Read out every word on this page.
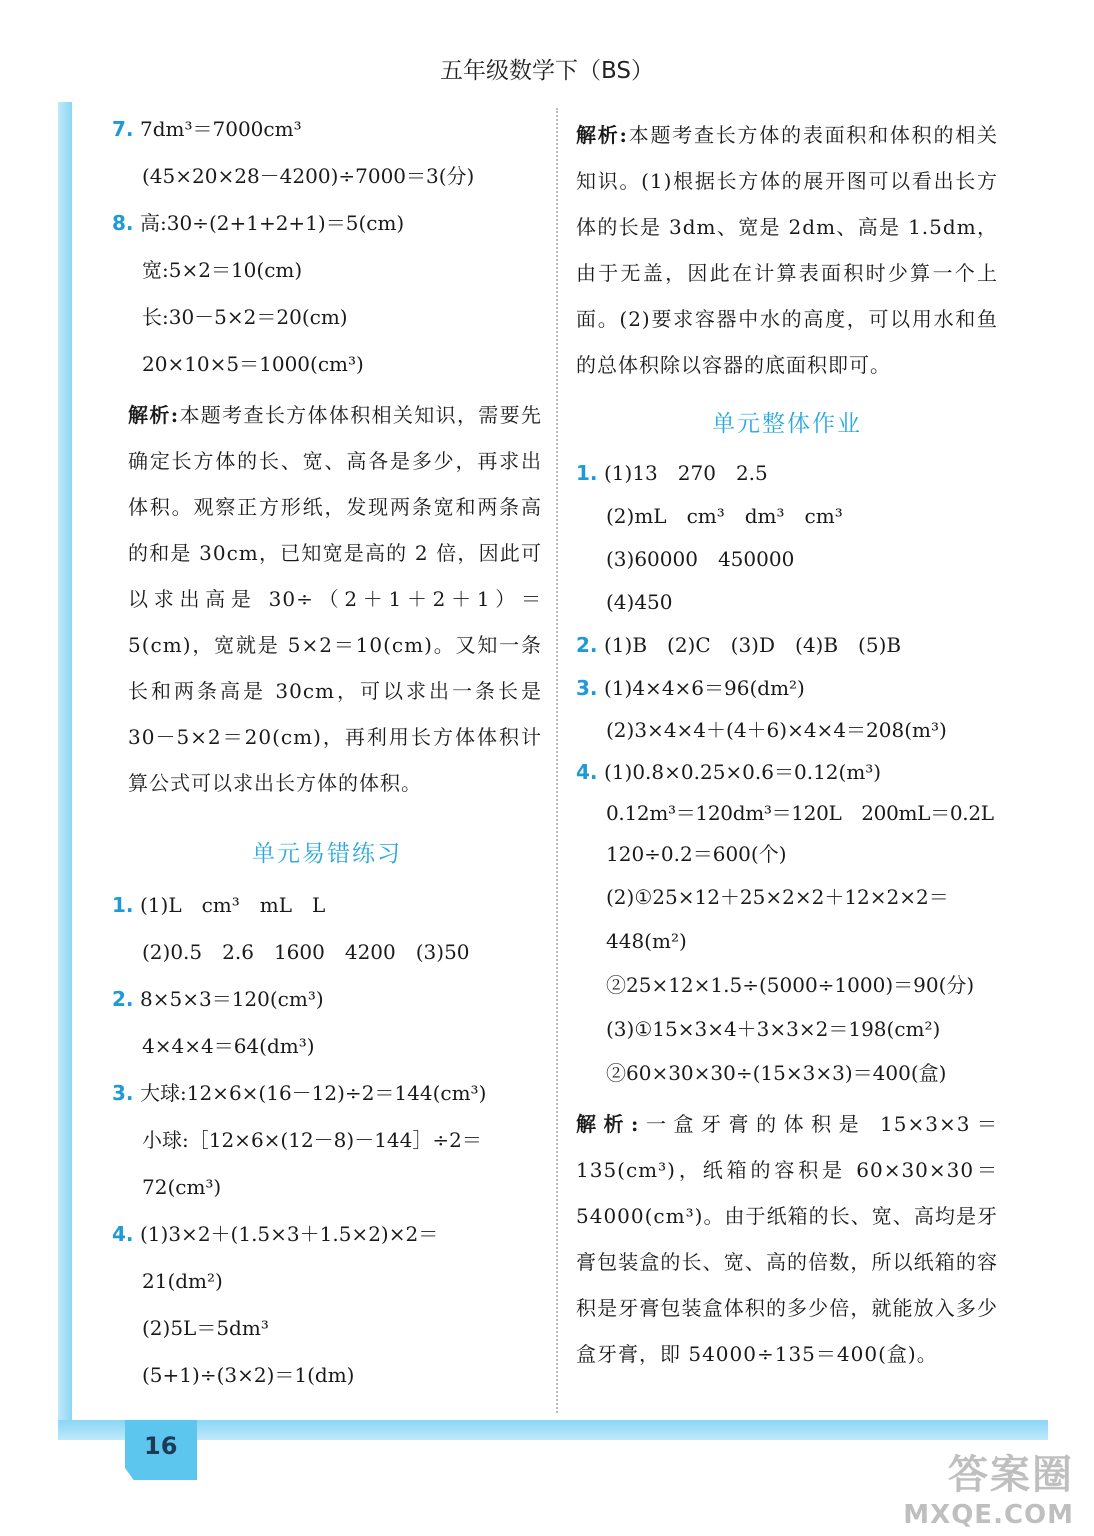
五年级数学下（BS）
16
7. 7dm³＝7000cm³
(45×20×28－4200)÷7000＝3(分)
8. 高:30÷(2+1+2+1)＝5(cm)
宽:5×2＝10(cm)
长:30－5×2＝20(cm)
20×10×5＝1000(cm³)
解析:本题考查长方体体积相关知识，需要先确定长方体的长、宽、高各是多少，再求出体积。观察正方形纸，发现两条宽和两条高的和是 30cm，已知宽是高的 2 倍，因此可以求出高是 30÷（2＋1＋2＋1）＝5(cm)，宽就是 5×2＝10(cm)。又知一条长和两条高是 30cm，可以求出一条长是 30－5×2＝20(cm)，再利用长方体体积计算公式可以求出长方体的体积。
单元易错练习
1. (1)L　cm³　mL　L
(2)0.5　2.6　1600　4200　(3)50
2. 8×5×3＝120(cm³)
4×4×4＝64(dm³)
3. 大球:12×6×(16－12)÷2＝144(cm³)
小球:［12×6×(12－8)－144］÷2＝
72(cm³)
4. (1)3×2＋(1.5×3＋1.5×2)×2＝
21(dm²)
(2)5L＝5dm³
(5+1)÷(3×2)＝1(dm)
解析:本题考查长方体的表面积和体积的相关知识。(1)根据长方体的展开图可以看出长方体的长是 3dm、宽是 2dm、高是 1.5dm，由于无盖，因此在计算表面积时少算一个上面。(2)要求容器中水的高度，可以用水和鱼的总体积除以容器的底面积即可。
单元整体作业
1. (1)13　270　2.5
(2)mL　cm³　dm³　cm³
(3)60000　450000
(4)450
2. (1)B　(2)C　(3)D　(4)B　(5)B
3. (1)4×4×6＝96(dm²)
(2)3×4×4＋(4＋6)×4×4＝208(m³)
4. (1)0.8×0.25×0.6＝0.12(m³)
0.12m³＝120dm³＝120L　200mL＝0.2L
120÷0.2＝600(个)
(2)①25×12＋25×2×2＋12×2×2＝
448(m²)
②25×12×1.5÷(5000÷1000)＝90(分)
(3)①15×3×4＋3×3×2＝198(cm²)
②60×30×30÷(15×3×3)＝400(盒)
解析:一盒牙膏的体积是 15×3×3＝135(cm³)，纸箱的容积是 60×30×30＝54000(cm³)。由于纸箱的长、宽、高均是牙膏包装盒的长、宽、高的倍数，所以纸箱的容积是牙膏包装盒体积的多少倍，就能放入多少盒牙膏，即 54000÷135＝400(盒)。
答案圈
MXQE.COM
